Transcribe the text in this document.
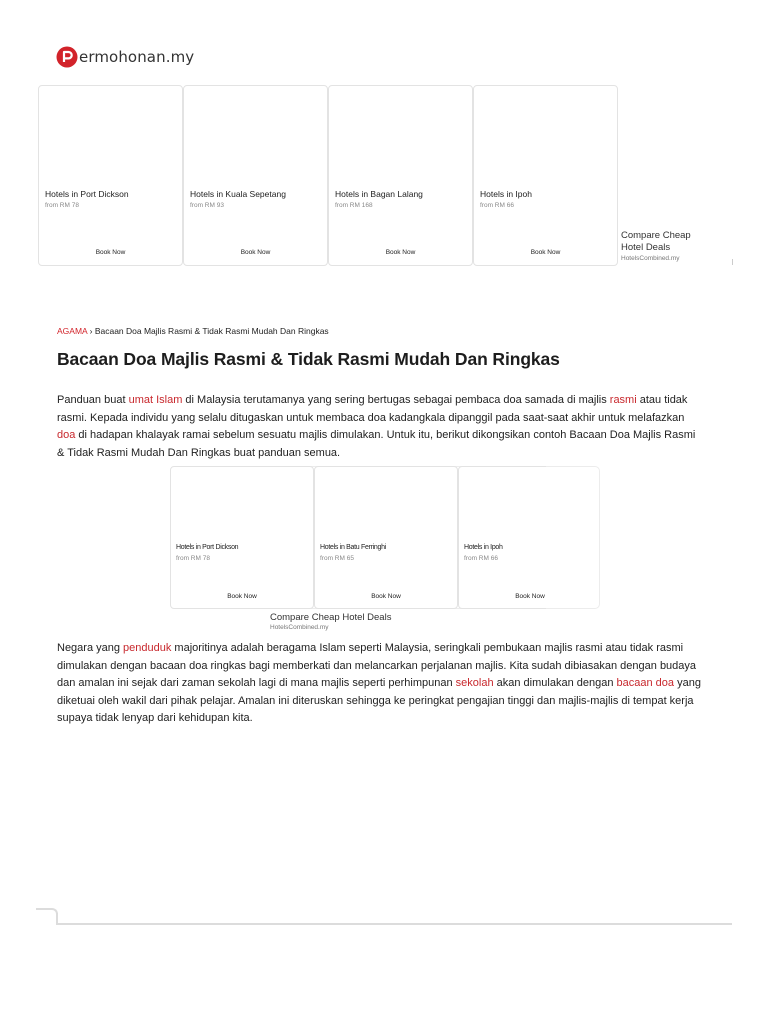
ermohonan.my
Hotels in Port Dickson
from RM 78
Book Now
Hotels in Kuala Sepetang
from RM 93
Book Now
Hotels in Bagan Lalang
from RM 168
Book Now
Hotels in Ipoh
from RM 66
Book Now
Compare Cheap Hotel Deals
HotelsCombined.my
AGAMA › Bacaan Doa Majlis Rasmi & Tidak Rasmi Mudah Dan Ringkas
Bacaan Doa Majlis Rasmi & Tidak Rasmi Mudah Dan Ringkas

Panduan buat umat Islam di Malaysia terutamanya yang sering bertugas sebagai pembaca doa samada di majlis rasmi atau tidak rasmi. Kepada individu yang selalu ditugaskan untuk membaca doa kadangkala dipanggil pada saat-saat akhir untuk melafazkan doa di hadapan khalayak ramai sebelum sesuatu majlis dimulakan. Untuk itu, berikut dikongsikan contoh Bacaan Doa Majlis Rasmi & Tidak Rasmi Mudah Dan Ringkas buat panduan semua.

Negara yang penduduk majoritinya adalah beragama Islam seperti Malaysia, seringkali pembukaan majlis rasmi atau tidak rasmi dimulakan dengan bacaan doa ringkas bagi memberkati dan melancarkan perjalanan majlis. Kita sudah dibiasakan dengan budaya dan amalan ini sejak dari zaman sekolah lagi di mana majlis seperti perhimpunan sekolah akan dimulakan dengan bacaan doa yang diketuai oleh wakil dari pihak pelajar. Amalan ini diteruskan sehingga ke peringkat pengajian tinggi dan majlis-majlis di tempat kerja supaya tidak lenyap dari kehidupan kita.

Hotels in Port Dickson
from RM 78
Book Now
Hotels in Batu Ferringhi
from RM 65
Book Now
Hotels in Ipoh
from RM 66
Book Now
Compare Cheap Hotel Deals
HotelsCombined.my
